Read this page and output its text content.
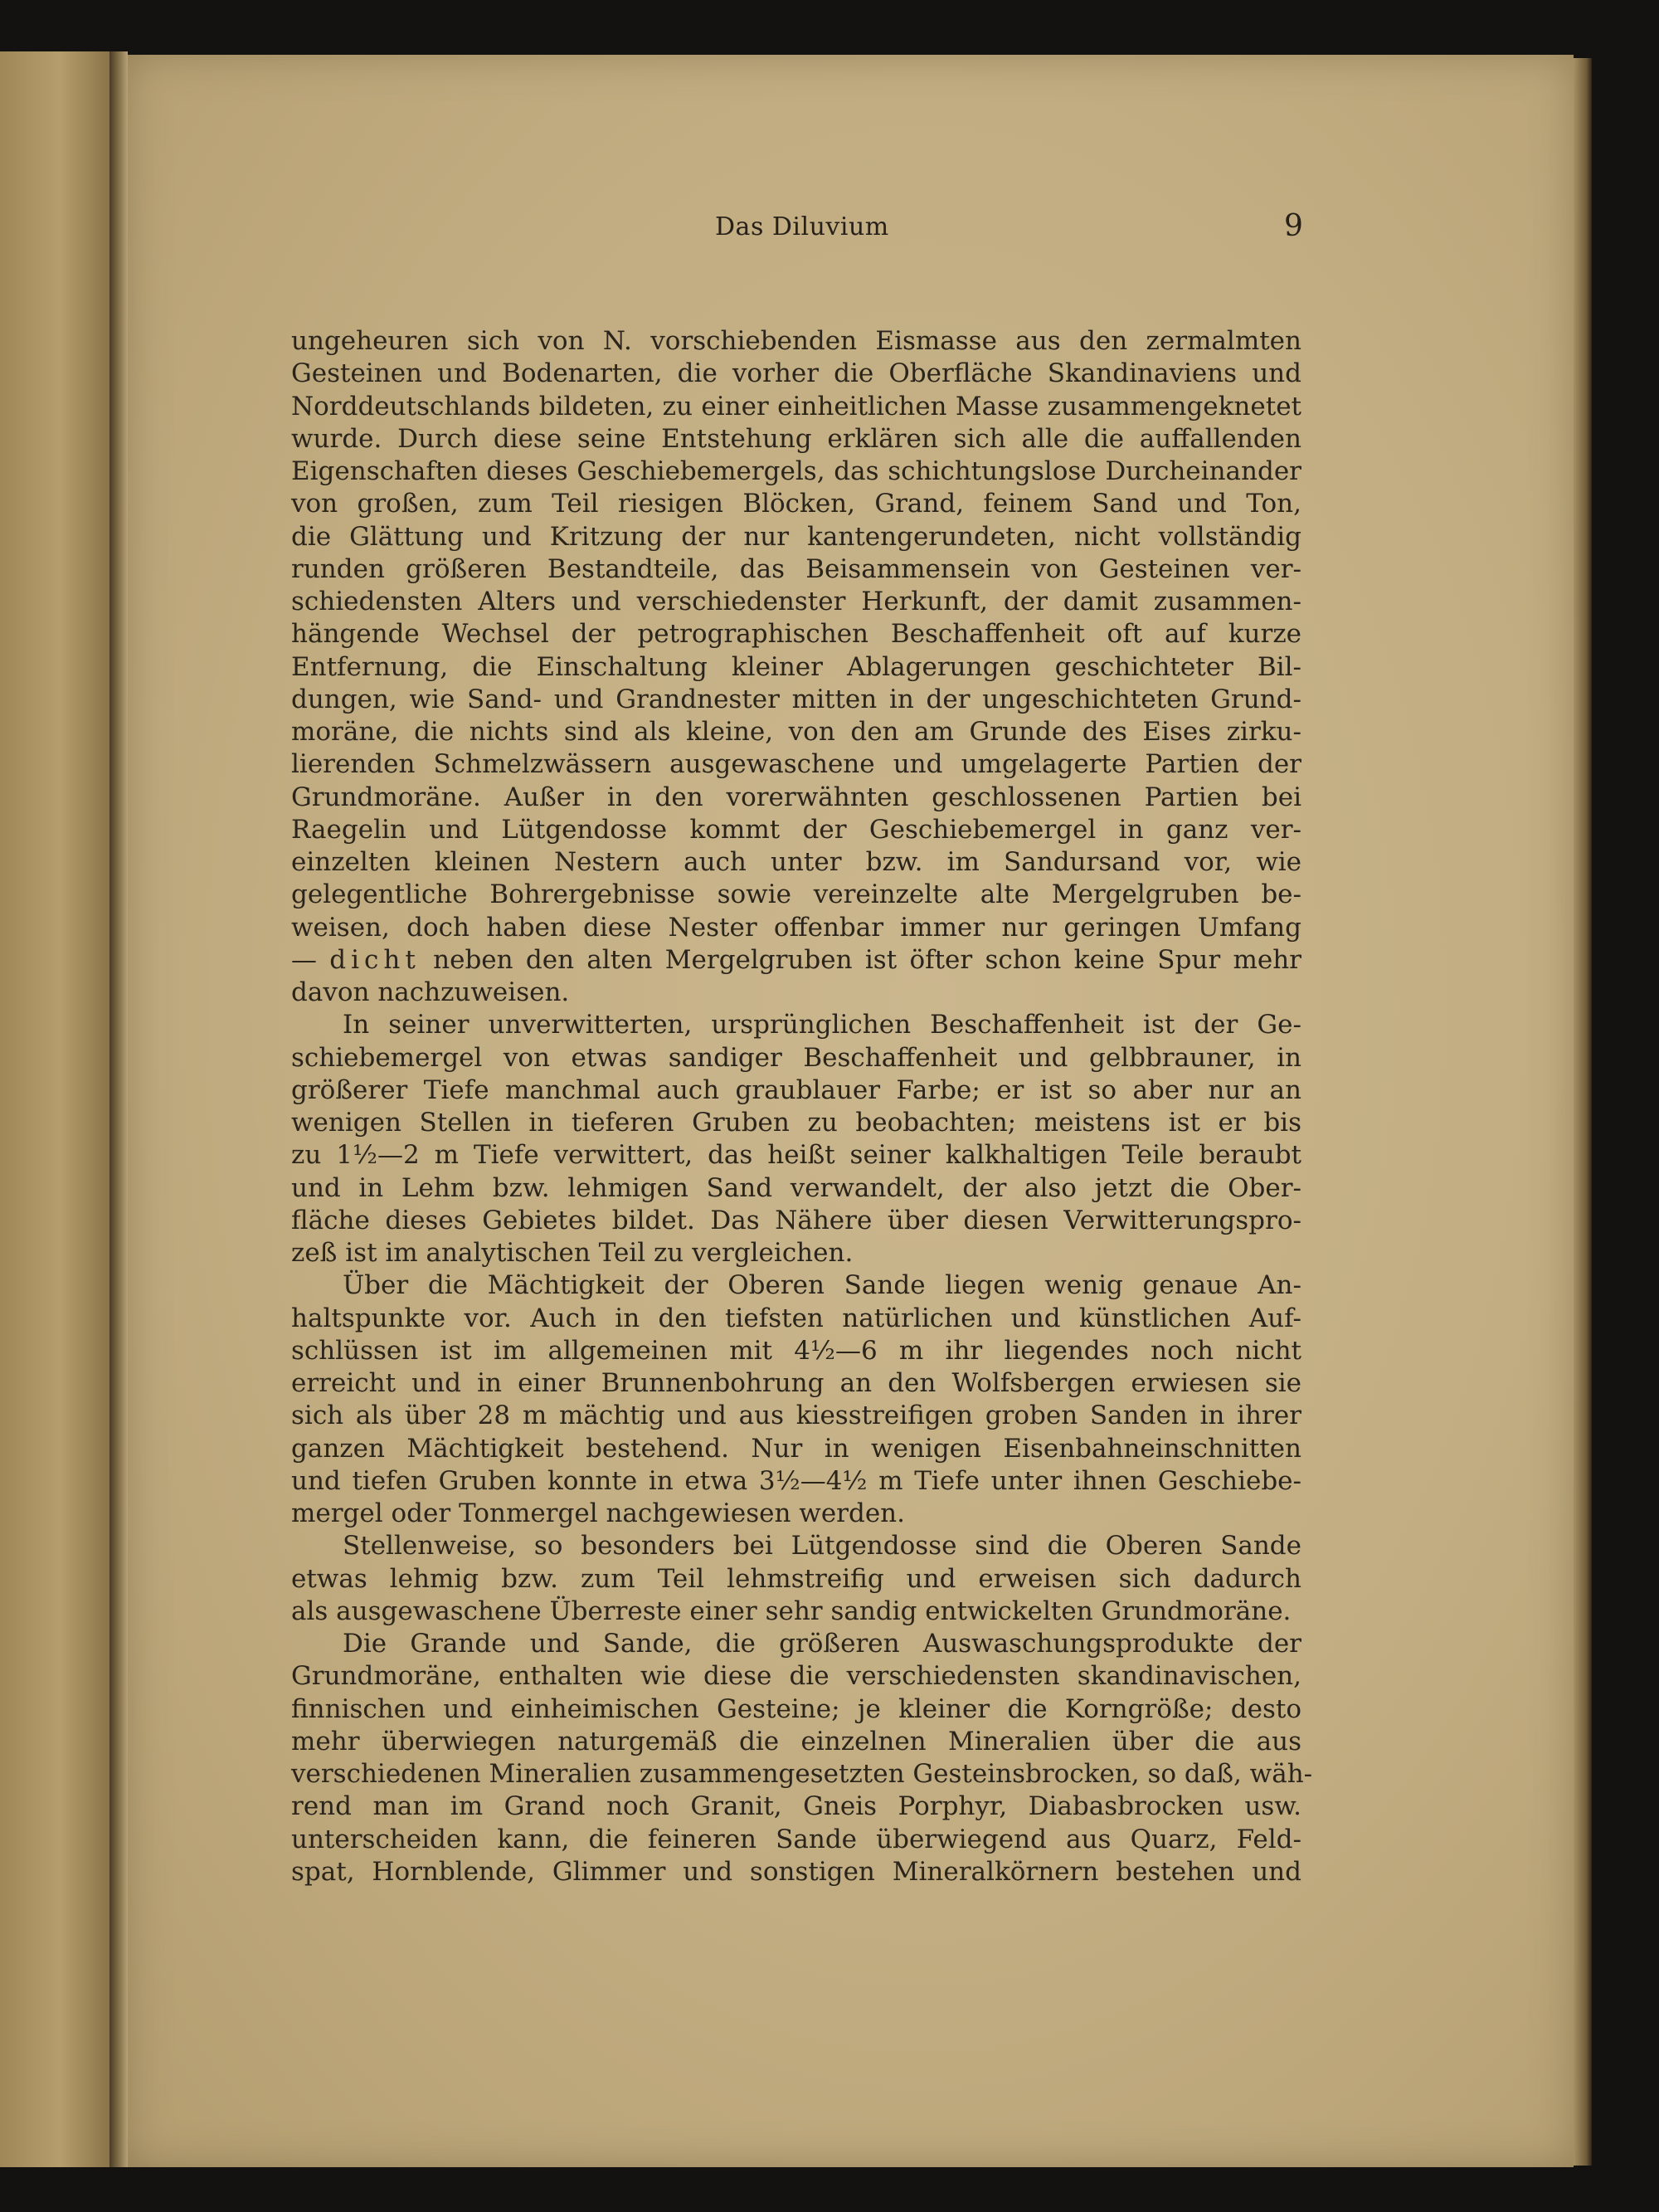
Das Diluvium	9
ungeheuren sich von N. vorschiebenden Eismasse aus den zermalmten
Gesteinen und Bodenarten, die vorher die Oberfläche Skandinaviens und
Norddeutschlands bildeten, zu einer einheitlichen Masse zusammengeknetet
wurde. Durch diese seine Entstehung erklären sich alle die auffallenden
Eigenschaften dieses Geschiebemergels, das schichtungslose Durcheinander
von großen, zum Teil riesigen Blöcken, Grand, feinem Sand und Ton,
die Glättung und Kritzung der nur kantengerundeten, nicht vollständig
runden größeren Bestandteile, das Beisammensein von Gesteinen ver-
schiedensten Alters und verschiedenster Herkunft, der damit zusammen-
hängende Wechsel der petrographischen Beschaffenheit oft auf kurze
Entfernung, die Einschaltung kleiner Ablagerungen geschichteter Bil-
dungen, wie Sand- und Grandnester mitten in der ungeschichteten Grund-
moräne, die nichts sind als kleine, von den am Grunde des Eises zirku-
lierenden Schmelzwässern ausgewaschene und umgelagerte Partien der
Grundmoräne. Außer in den vorerwähnten geschlossenen Partien bei
Raegelin und Lütgendosse kommt der Geschiebemergel in ganz ver-
einzelten kleinen Nestern auch unter bzw. im Sandursand vor, wie
gelegentliche Bohrergebnisse sowie vereinzelte alte Mergelgruben be-
weisen, doch haben diese Nester offenbar immer nur geringen Umfang
— dicht neben den alten Mergelgruben ist öfter schon keine Spur mehr
davon nachzuweisen.
In seiner unverwitterten, ursprünglichen Beschaffenheit ist der Ge-
schiebemergel von etwas sandiger Beschaffenheit und gelbbrauner, in
größerer Tiefe manchmal auch graublauer Farbe; er ist so aber nur an
wenigen Stellen in tieferen Gruben zu beobachten; meistens ist er bis
zu 1½—2 m Tiefe verwittert, das heißt seiner kalkhaltigen Teile beraubt
und in Lehm bzw. lehmigen Sand verwandelt, der also jetzt die Ober-
fläche dieses Gebietes bildet. Das Nähere über diesen Verwitterungspro-
zeß ist im analytischen Teil zu vergleichen.
Über die Mächtigkeit der Oberen Sande liegen wenig genaue An-
haltspunkte vor. Auch in den tiefsten natürlichen und künstlichen Auf-
schlüssen ist im allgemeinen mit 4½—6 m ihr liegendes noch nicht
erreicht und in einer Brunnenbohrung an den Wolfsbergen erwiesen sie
sich als über 28 m mächtig und aus kiesstreifigen groben Sanden in ihrer
ganzen Mächtigkeit bestehend. Nur in wenigen Eisenbahneinschnitten
und tiefen Gruben konnte in etwa 3½—4½ m Tiefe unter ihnen Geschiebe-
mergel oder Tonmergel nachgewiesen werden.
Stellenweise, so besonders bei Lütgendosse sind die Oberen Sande
etwas lehmig bzw. zum Teil lehmstreifig und erweisen sich dadurch
als ausgewaschene Überreste einer sehr sandig entwickelten Grundmoräne.
Die Grande und Sande, die größeren Auswaschungsprodukte der
Grundmoräne, enthalten wie diese die verschiedensten skandinavischen,
finnischen und einheimischen Gesteine; je kleiner die Korngröße; desto
mehr überwiegen naturgemäß die einzelnen Mineralien über die aus
verschiedenen Mineralien zusammengesetzten Gesteinsbrocken, so daß, wäh-
rend man im Grand noch Granit, Gneis Porphyr, Diabasbrocken usw.
unterscheiden kann, die feineren Sande überwiegend aus Quarz, Feld-
spat, Hornblende, Glimmer und sonstigen Mineralkörnern bestehen und
